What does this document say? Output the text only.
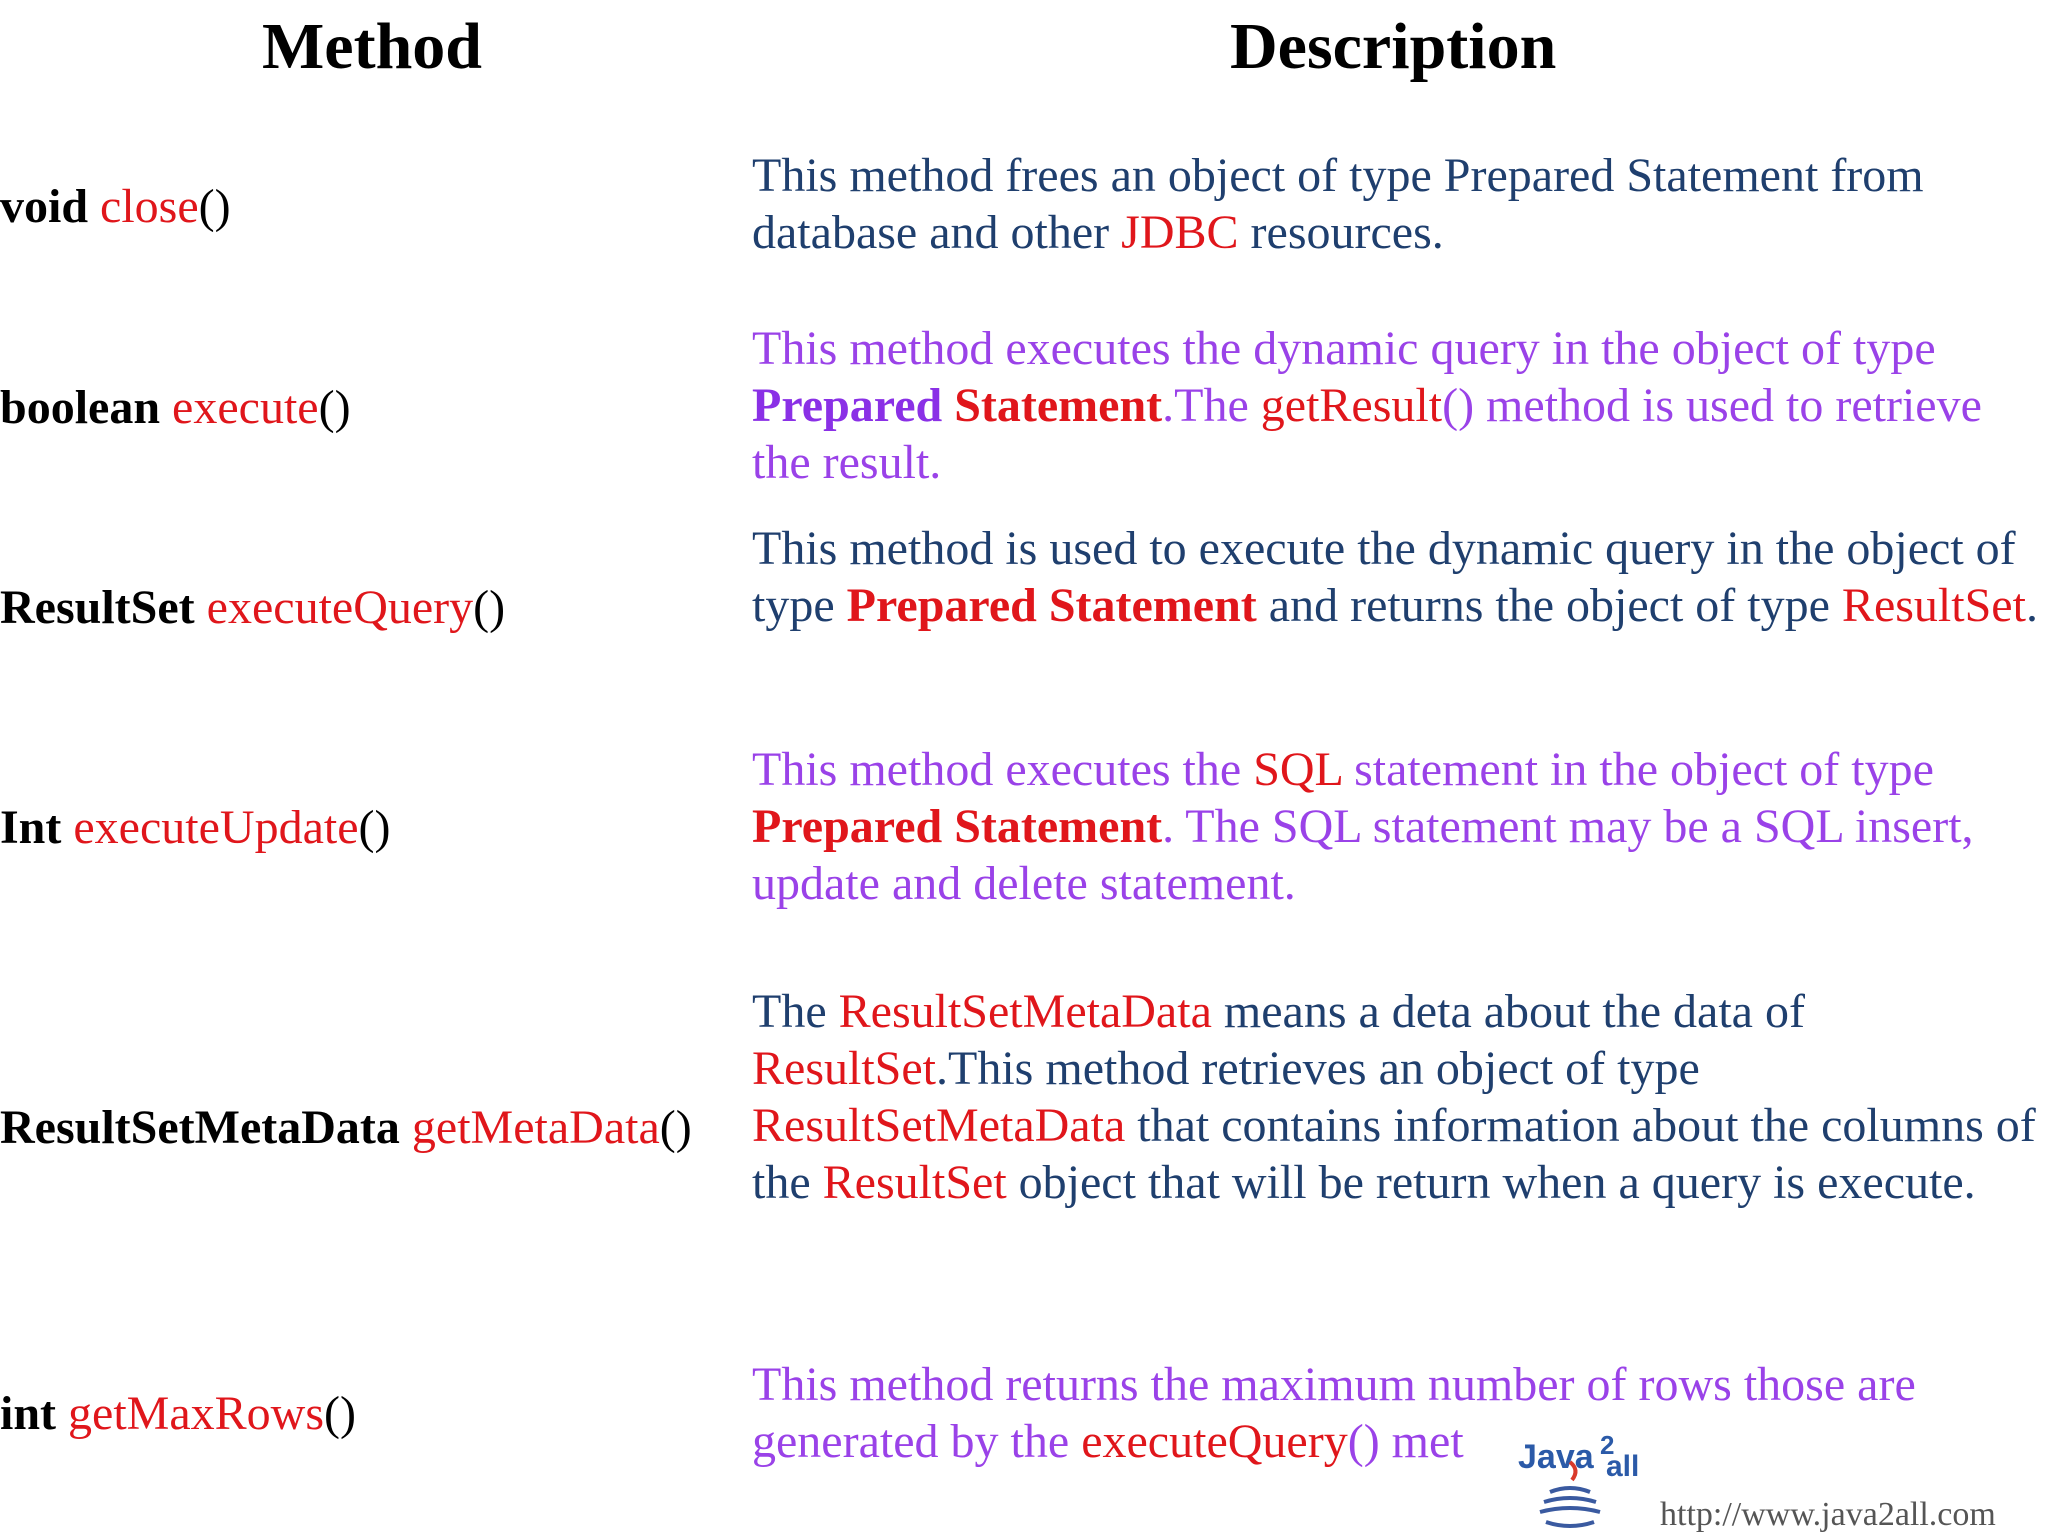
Method	Description
void close()
This method frees an object of type Prepared Statement from database and other JDBC resources.
boolean execute()
This method executes the dynamic query in the object of type Prepared Statement.The getResult() method is used to retrieve the result.
ResultSet executeQuery()
This method is used to execute the dynamic query in the object of type Prepared Statement and returns the object of type ResultSet.
Int executeUpdate()
This method executes the SQL statement in the object of type Prepared Statement. The SQL statement may be a SQL insert, update and delete statement.
ResultSetMetaData getMetaData()
The ResultSetMetaData means a deta about the data of ResultSet.This method retrieves an object of type ResultSetMetaData that contains information about the columns of the ResultSet object that will be return when a query is execute.
int getMaxRows()
This method returns the maximum number of rows those are generated by the executeQuery() met	Java 2
all
http://www.java2all.com
